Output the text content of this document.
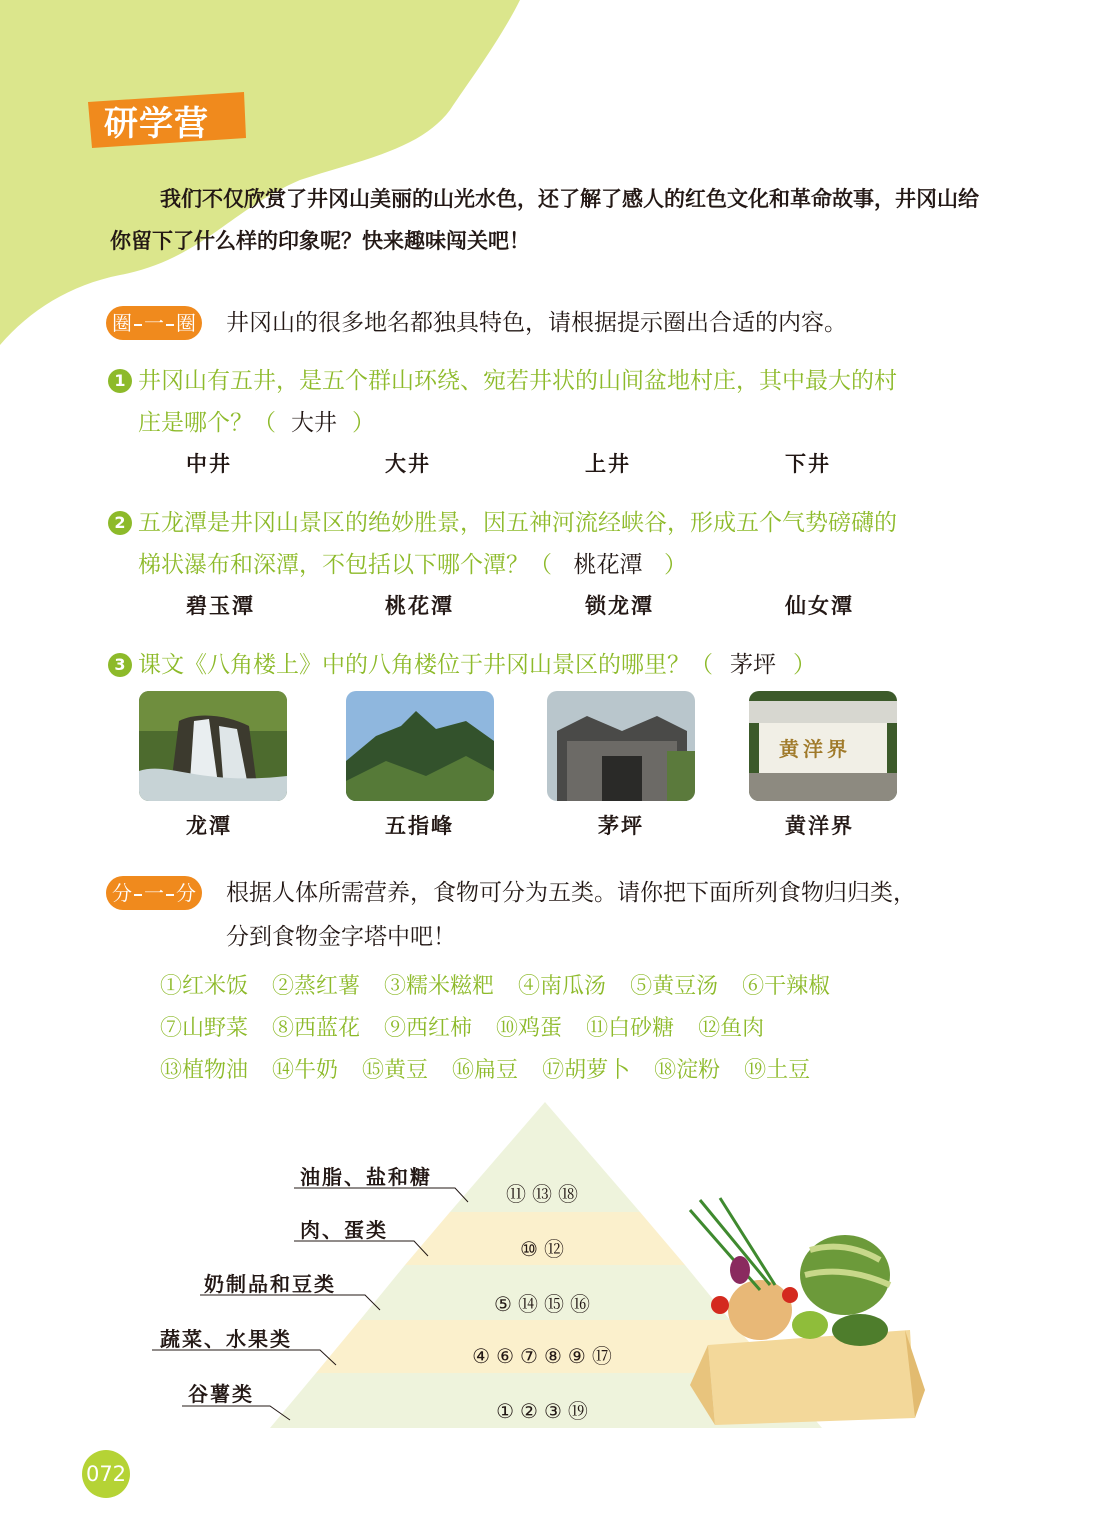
研学营
我们不仅欣赏了井冈山美丽的山光水色，还了解了感人的红色文化和革命故事，井冈山给你留下了什么样的印象呢？快来趣味闯关吧！
圈 一 圈 井冈山的很多地名都独具特色，请根据提示圈出合适的内容。
1 井冈山有五井，是五个群山环绕、宛若井状的山间盆地村庄，其中最大的村
庄是哪个？（ 大井 ）
中井	大井	上井	下井
2 五龙潭是井冈山景区的绝妙胜景，因五神河流经峡谷，形成五个气势磅礴的
梯状瀑布和深潭，不包括以下哪个潭？（ 桃花潭 ）
碧玉潭	桃花潭	锁龙潭	仙女潭
3 课文《八角楼上》中的八角楼位于井冈山景区的哪里？（ 茅坪 ）
黄洋界
龙潭	五指峰	茅坪	黄洋界
分 一 分 根据人体所需营养，食物可分为五类。请你把下面所列食物归归类，
分到食物金字塔中吧！
①红米饭 ②蒸红薯 ③糯米糍粑 ④南瓜汤 ⑤黄豆汤 ⑥干辣椒
⑦山野菜 ⑧西蓝花 ⑨西红柿 ⑩鸡蛋 ⑪白砂糖 ⑫鱼肉
⑬植物油 ⑭牛奶 ⑮黄豆 ⑯扁豆 ⑰胡萝卜 ⑱淀粉 ⑲土豆
油脂、盐和糖
肉、蛋类
奶制品和豆类
蔬菜、水果类
谷薯类
⑪⑬⑱
⑩⑫
⑤⑭⑮⑯
④⑥⑦⑧⑨⑰
①②③⑲
072
